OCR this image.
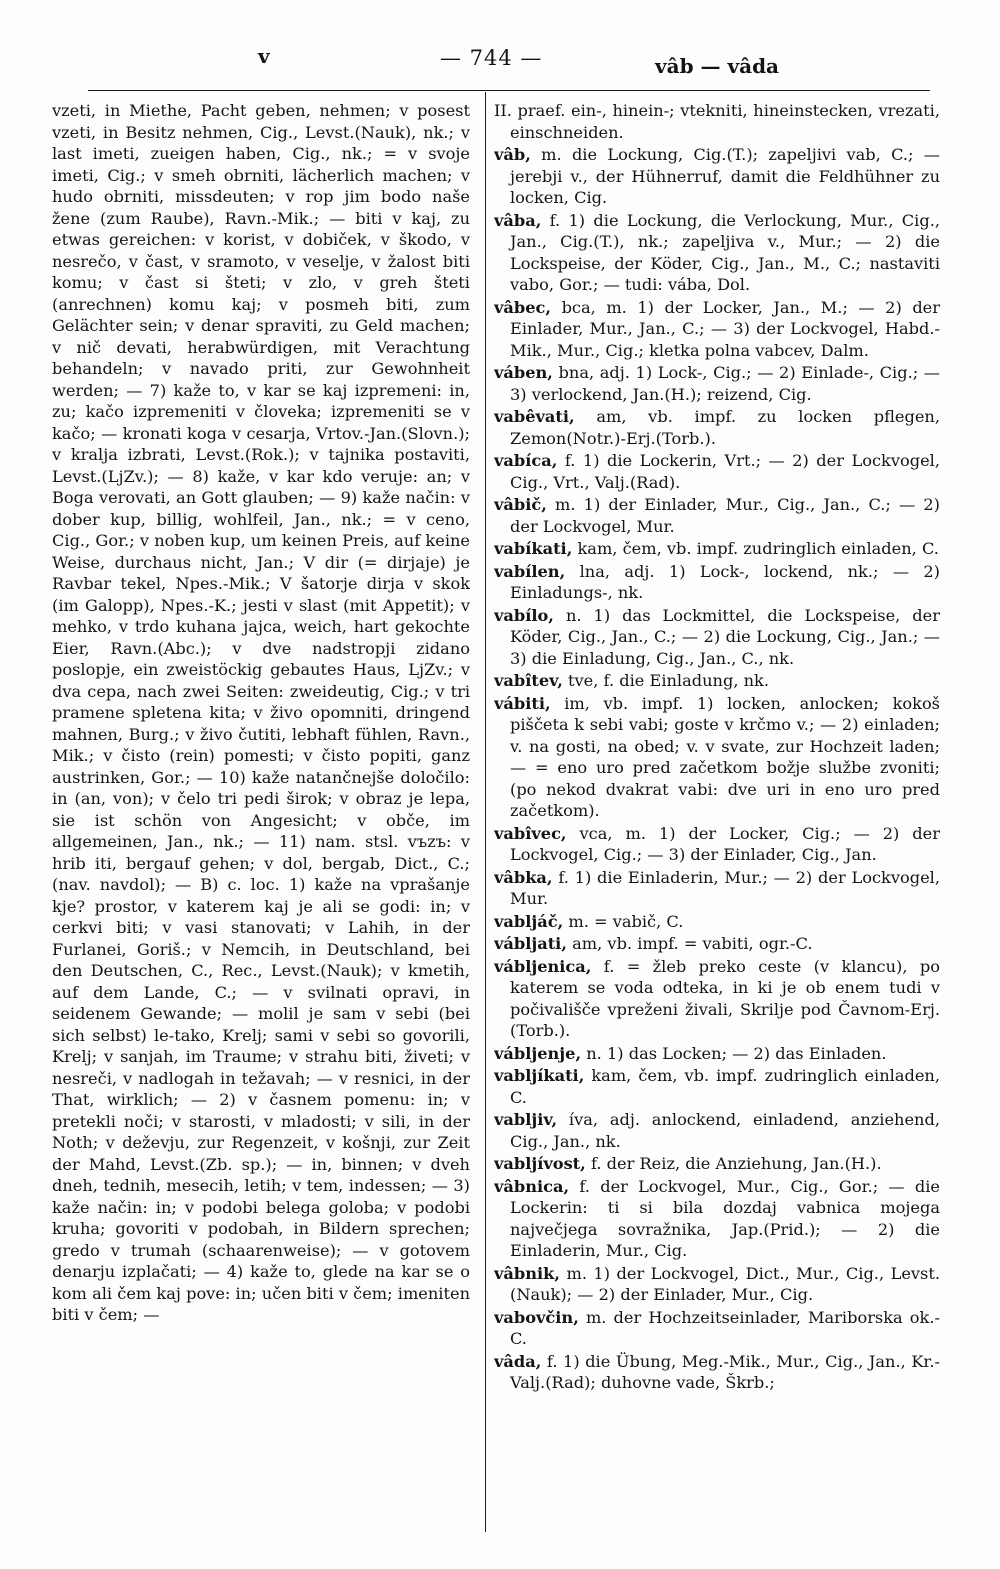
v	— 744 —	vâb — vâda

vzeti, in Miethe, Pacht geben, nehmen; v posest vzeti, in Besitz nehmen, Cig., Levst.(Nauk), nk.; v last imeti, zueigen haben, Cig., nk.; = v svoje imeti, Cig.; v smeh obrniti, lächerlich machen; v hudo obrniti, missdeuten; v rop jim bodo naše žene (zum Raube), Ravn.-Mik.; — biti v kaj, zu etwas gereichen: v korist, v dobiček, v škodo, v nesrečo, v čast, v sramoto, v veselje, v žalost biti komu; v čast si šteti; v zlo, v greh šteti (anrechnen) komu kaj; v posmeh biti, zum Gelächter sein; v denar spraviti, zu Geld machen; v nič devati, herabwürdigen, mit Verachtung behandeln; v navado priti, zur Gewohnheit werden; — 7) kaže to, v kar se kaj izpremeni: in, zu; kačo izpremeniti v človeka; izpremeniti se v kačo; — kronati koga v cesarja, Vrtov.-Jan.(Slovn.); v kralja izbrati, Levst.(Rok.); v tajnika postaviti, Levst.(LjZv.); — 8) kaže, v kar kdo veruje: an; v Boga verovati, an Gott glauben; — 9) kaže način: v dober kup, billig, wohlfeil, Jan., nk.; = v ceno, Cig., Gor.; v noben kup, um keinen Preis, auf keine Weise, durchaus nicht, Jan.; V dir (= dirjaje) je Ravbar tekel, Npes.-Mik.; V šatorje dirja v skok (im Galopp), Npes.-K.; jesti v slast (mit Appetit); v mehko, v trdo kuhana jajca, weich, hart gekochte Eier, Ravn.(Abc.); v dve nadstropji zidano poslopje, ein zweistöckig gebautes Haus, LjZv.; v dva cepa, nach zwei Seiten: zweideutig, Cig.; v tri pramene spletena kita; v živo opomniti, dringend mahnen, Burg.; v živo čutiti, lebhaft fühlen, Ravn., Mik.; v čisto (rein) pomesti; v čisto popiti, ganz austrinken, Gor.; — 10) kaže natančnejše določilo: in (an, von); v čelo tri pedi širok; v obraz je lepa, sie ist schön von Angesicht; v obče, im allgemeinen, Jan., nk.; — 11) nam. stsl. vъzъ: v hrib iti, bergauf gehen; v dol, bergab, Dict., C.; (nav. navdol); — B) c. loc. 1) kaže na vprašanje kje? prostor, v katerem kaj je ali se godi: in; v cerkvi biti; v vasi stanovati; v Lahih, in der Furlanei, Goriš.; v Nemcih, in Deutschland, bei den Deutschen, C., Rec., Levst.(Nauk); v kmetih, auf dem Lande, C.; — v svilnati opravi, in seidenem Gewande; — molil je sam v sebi (bei sich selbst) le-tako, Krelj; sami v sebi so govorili, Krelj; v sanjah, im Traume; v strahu biti, živeti; v nesreči, v nadlogah in težavah; — v resnici, in der That, wirklich; — 2) v časnem pomenu: in; v pretekli noči; v starosti, v mladosti; v sili, in der Noth; v deževju, zur Regenzeit, v košnji, zur Zeit der Mahd, Levst.(Zb. sp.); — in, binnen; v dveh dneh, tednih, mesecih, letih; v tem, indessen; — 3) kaže način: in; v podobi belega goloba; v podobi kruha; govoriti v podobah, in Bildern sprechen; gredo v trumah (schaarenweise); — v gotovem denarju izplačati; — 4) kaže to, glede na kar se o kom ali čem kaj pove: in; učen biti v čem; imeniten biti v čem; —

II. praef. ein-, hinein-; vtekniti, hineinstecken, vrezati, einschneiden.

vâb, m. die Lockung, Cig.(T.); zapeljivi vab, C.; — jerebji v., der Hühnerruf, damit die Feldhühner zu locken, Cig.

vâba, f. 1) die Lockung, die Verlockung, Mur., Cig., Jan., Cig.(T.), nk.; zapeljiva v., Mur.; — 2) die Lockspeise, der Köder, Cig., Jan., M., C.; nastaviti vabo, Gor.; — tudi: vába, Dol.

vâbec, bca, m. 1) der Locker, Jan., M.; — 2) der Einlader, Mur., Jan., C.; — 3) der Lockvogel, Habd.-Mik., Mur., Cig.; kletka polna vabcev, Dalm.

váben, bna, adj. 1) Lock-, Cig.; — 2) Einlade-, Cig.; — 3) verlockend, Jan.(H.); reizend, Cig.

vabêvati, am, vb. impf. zu locken pflegen, Zemon(Notr.)-Erj.(Torb.).

vabíca, f. 1) die Lockerin, Vrt.; — 2) der Lockvogel, Cig., Vrt., Valj.(Rad).

vâbič, m. 1) der Einlader, Mur., Cig., Jan., C.; — 2) der Lockvogel, Mur.

vabíkati, kam, čem, vb. impf. zudringlich einladen, C.

vabílen, lna, adj. 1) Lock-, lockend, nk.; — 2) Einladungs-, nk.

vabílo, n. 1) das Lockmittel, die Lockspeise, der Köder, Cig., Jan., C.; — 2) die Lockung, Cig., Jan.; — 3) die Einladung, Cig., Jan., C., nk.

vabîtev, tve, f. die Einladung, nk.

vábiti, im, vb. impf. 1) locken, anlocken; kokoš piščeta k sebi vabi; goste v krčmo v.; — 2) einladen; v. na gosti, na obed; v. v svate, zur Hochzeit laden; — = eno uro pred začetkom božje službe zvoniti; (po nekod dvakrat vabi: dve uri in eno uro pred začetkom).

vabîvec, vca, m. 1) der Locker, Cig.; — 2) der Lockvogel, Cig.; — 3) der Einlader, Cig., Jan.

vâbka, f. 1) die Einladerin, Mur.; — 2) der Lockvogel, Mur.

vabljáč, m. = vabič, C.

vábljati, am, vb. impf. = vabiti, ogr.-C.

vábljenica, f. = žleb preko ceste (v klancu), po katerem se voda odteka, in ki je ob enem tudi v počivališče vpreženi živali, Skrilje pod Čavnom-Erj.(Torb.).

vábljenje, n. 1) das Locken; — 2) das Einladen.

vabljíkati, kam, čem, vb. impf. zudringlich einladen, C.

vabljiv, íva, adj. anlockend, einladend, anziehend, Cig., Jan., nk.

vabljívost, f. der Reiz, die Anziehung, Jan.(H.).

vâbnica, f. der Lockvogel, Mur., Cig., Gor.; — die Lockerin: ti si bila dozdaj vabnica mojega največjega sovražnika, Jap.(Prid.); — 2) die Einladerin, Mur., Cig.

vâbnik, m. 1) der Lockvogel, Dict., Mur., Cig., Levst.(Nauk); — 2) der Einlader, Mur., Cig.

vabovčin, m. der Hochzeitseinlader, Mariborska ok.-C.

vâda, f. 1) die Übung, Meg.-Mik., Mur., Cig., Jan., Kr.-Valj.(Rad); duhovne vade, Škrb.;
